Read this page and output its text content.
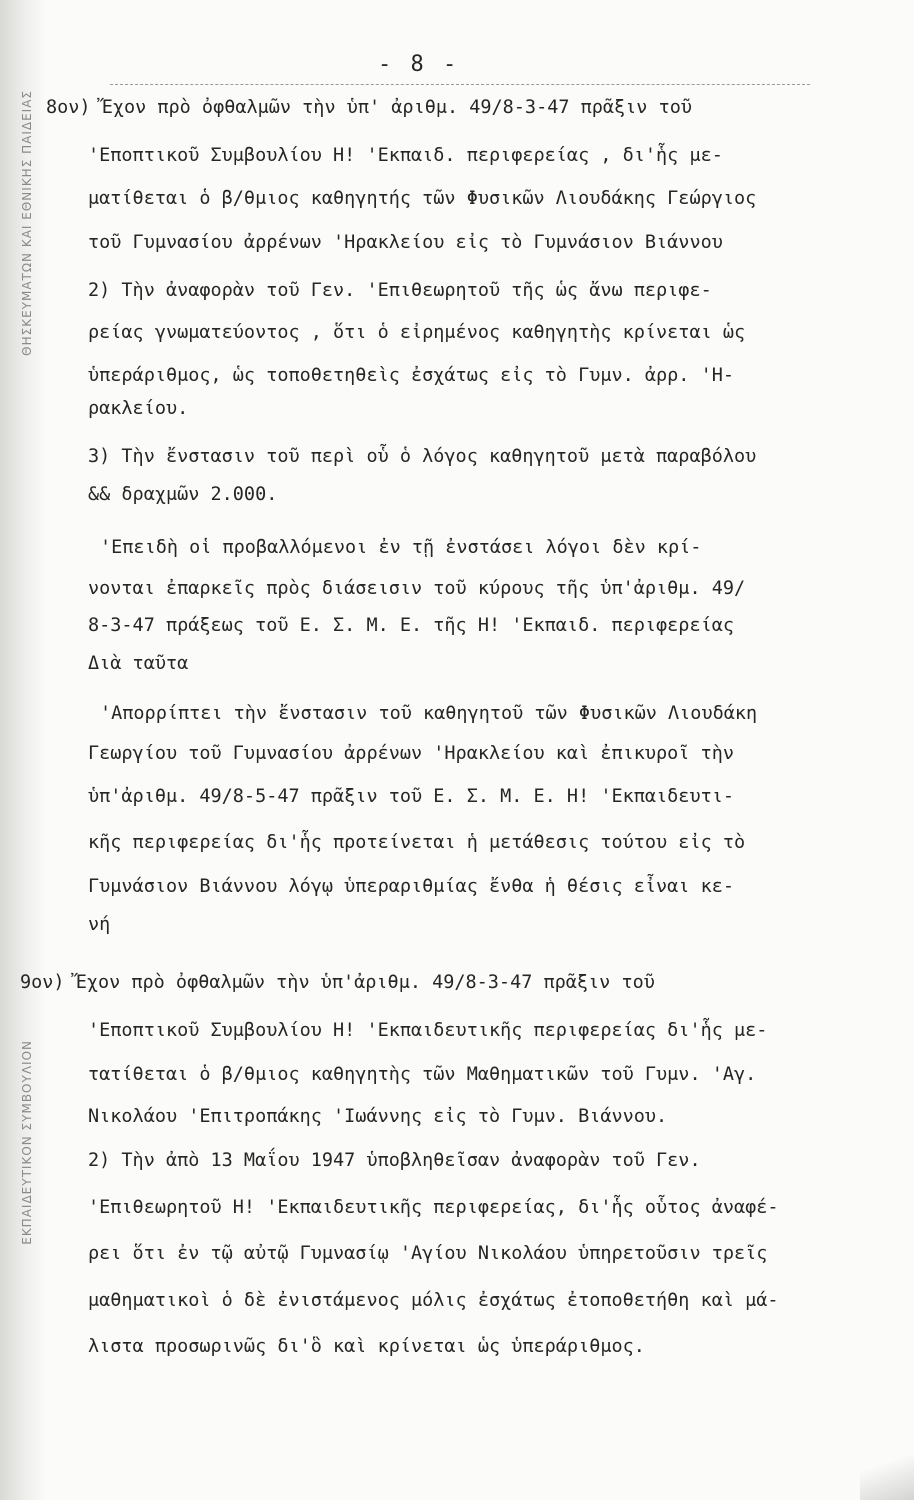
ΘΗΣΚΕΥΜΑΤΩΝ ΚΑΙ ΕΘΝΙΚΗΣ ΠΑΙΔΕΙΑΣ
ΕΚΠΑΙΔΕΥΤΙΚΟΝ ΣΥΜΒΟΥΛΙΟΝ
- 8 -
8ον) Ἔχον πρὸ ὀφθαλμῶν τὴν ὑπ' ἀριθμ. 49/8-3-47 πρᾶξιν τοῦ
'Εποπτικοῦ Συμβουλίου Η! 'Εκπαιδ. περιφερείας , δι'ἧς με-
ματίθεται ὁ β/θμιος καθηγητής τῶν Φυσικῶν Λιουδάκης Γεώργιος
τοῦ Γυμνασίου ἀρρένων 'Ηρακλείου εἰς τὸ Γυμνάσιον Βιάννου
2) Τὴν ἀναφορὰν τοῦ Γεν. 'Επιθεωρητοῦ τῆς ὡς ἄνω περιφε-
ρείας γνωματεύοντος , ὅτι ὁ εἰρημένος καθηγητὴς κρίνεται ὡς
ὑπεράριθμος, ὡς τοποθετηθεὶς ἐσχάτως εἰς τὸ Γυμν. ἀρρ. 'Η-
ρακλείου.
3) Τὴν ἔνστασιν τοῦ περὶ οὗ ὁ λόγος καθηγητοῦ μετὰ παραβόλου
&& δραχμῶν 2.000.
'Επειδὴ οἱ προβαλλόμενοι ἐν τῇ ἐνστάσει λόγοι δὲν κρί-
νονται ἐπαρκεῖς πρὸς διάσεισιν τοῦ κύρους τῆς ὑπ'ἀριθμ. 49/
8-3-47 πράξεως τοῦ Ε. Σ. Μ. Ε. τῆς Η! 'Εκπαιδ. περιφερείας
Διὰ ταῦτα
'Απορρίπτει τὴν ἔνστασιν τοῦ καθηγητοῦ τῶν Φυσικῶν Λιουδάκη
Γεωργίου τοῦ Γυμνασίου ἀρρένων 'Ηρακλείου καὶ ἐπικυροῖ τὴν
ὑπ'ἀριθμ. 49/8-5-47 πρᾶξιν τοῦ Ε. Σ. Μ. Ε. Η! 'Εκπαιδευτι-
κῆς περιφερείας δι'ἧς προτείνεται ἡ μετάθεσις τούτου εἰς τὸ
Γυμνάσιον Βιάννου λόγῳ ὑπεραριθμίας ἔνθα ἡ θέσις εἶναι κε-
νή
9ον) Ἔχον πρὸ ὀφθαλμῶν τὴν ὑπ'ἀριθμ. 49/8-3-47 πρᾶξιν τοῦ
'Εποπτικοῦ Συμβουλίου Η! 'Εκπαιδευτικῆς περιφερείας δι'ἧς με-
τατίθεται ὁ β/θμιος καθηγητὴς τῶν Μαθηματικῶν τοῦ Γυμν. 'Αγ.
Νικολάου 'Επιτροπάκης 'Ιωάννης εἰς τὸ Γυμν. Βιάννου.
2) Τὴν ἀπὸ 13 Μαΐου 1947 ὑποβληθεῖσαν ἀναφορὰν τοῦ Γεν.
'Επιθεωρητοῦ Η! 'Εκπαιδευτικῆς περιφερείας, δι'ἧς οὗτος ἀναφέ-
ρει ὅτι ἐν τῷ αὐτῷ Γυμνασίῳ 'Αγίου Νικολάου ὑπηρετοῦσιν τρεῖς
μαθηματικοὶ ὁ δὲ ἐνιστάμενος μόλις ἐσχάτως ἐτοποθετήθη καὶ μά-
λιστα προσωρινῶς δι'ὃ καὶ κρίνεται ὡς ὑπεράριθμος.
